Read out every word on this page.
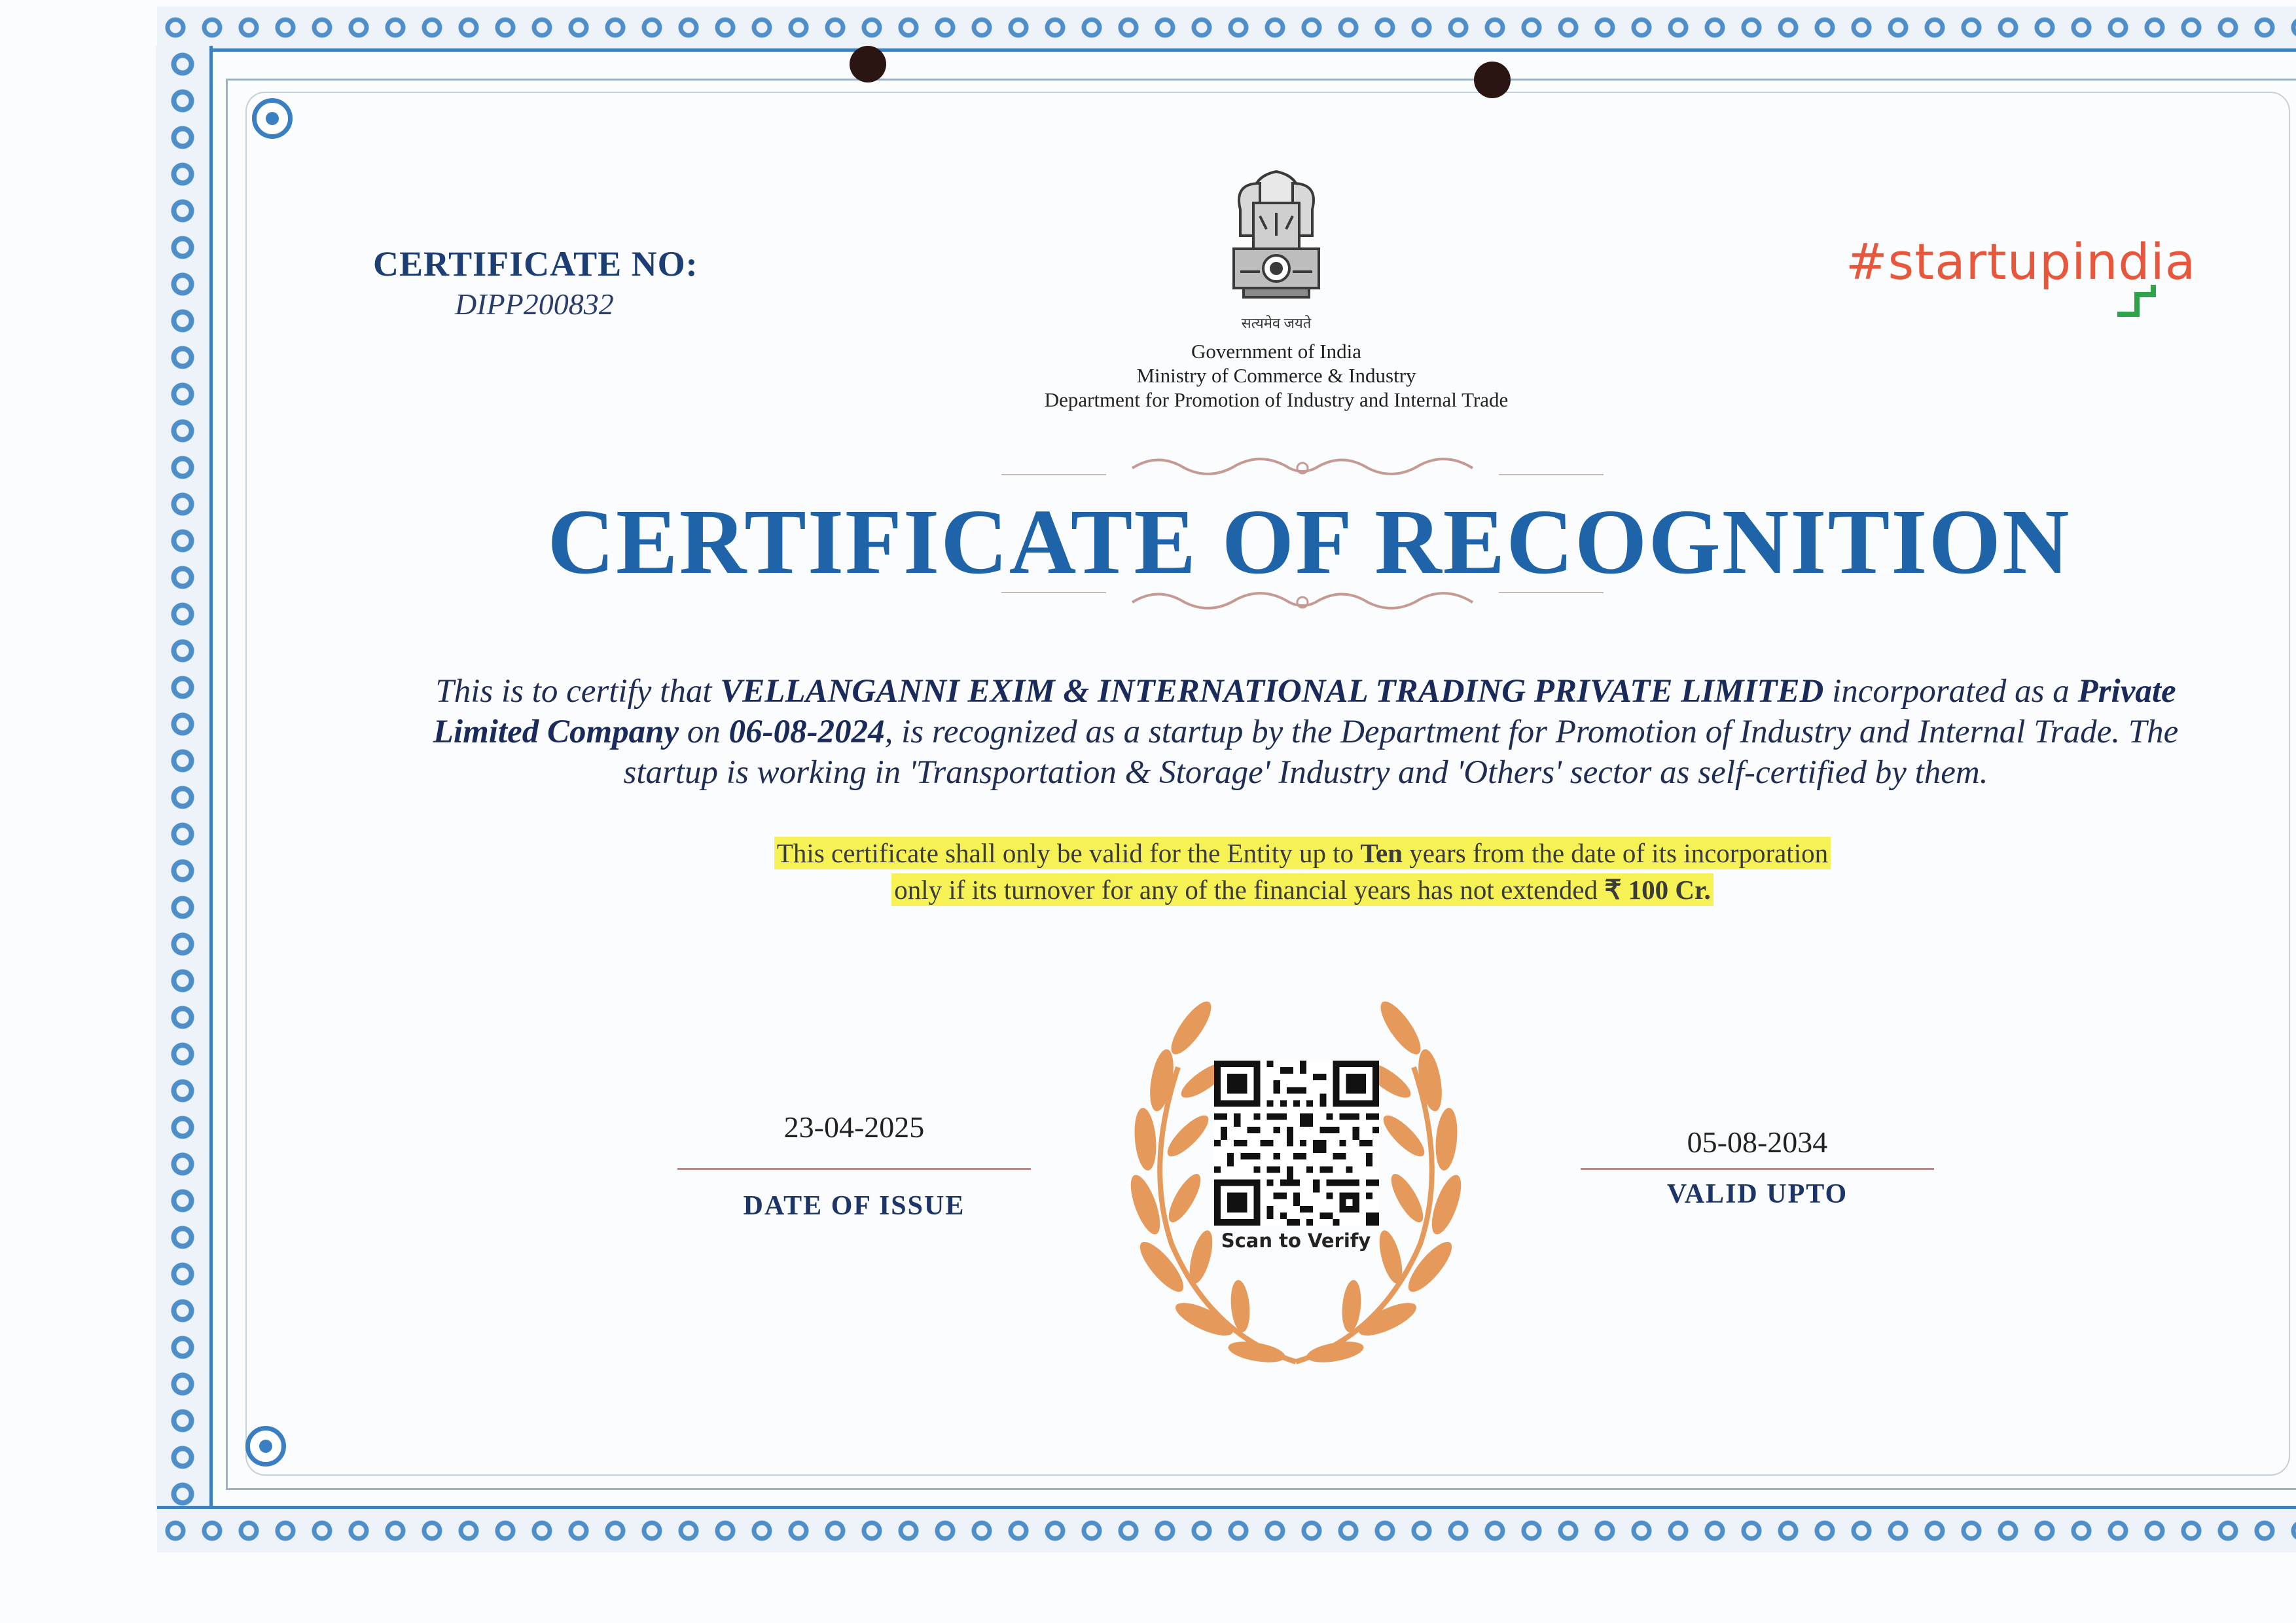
CERTIFICATE NO:
DIPP200832
सत्यमेव जयते
Government of India
Ministry of Commerce & Industry
Department for Promotion of Industry and Internal Trade
#startupindia
CERTIFICATE OF RECOGNITION
This is to certify that VELLANGANNI EXIM & INTERNATIONAL TRADING PRIVATE LIMITED incorporated as a Private Limited Company on 06-08-2024, is recognized as a startup by the Department for Promotion of Industry and Internal Trade. The startup is working in 'Transportation & Storage' Industry and 'Others' sector as self-certified by them.
This certificate shall only be valid for the Entity up to Ten years from the date of its incorporation
only if its turnover for any of the financial years has not extended ₹ 100 Cr.
23-04-2025
DATE OF ISSUE
05-08-2034
VALID UPTO
Scan to Verify
